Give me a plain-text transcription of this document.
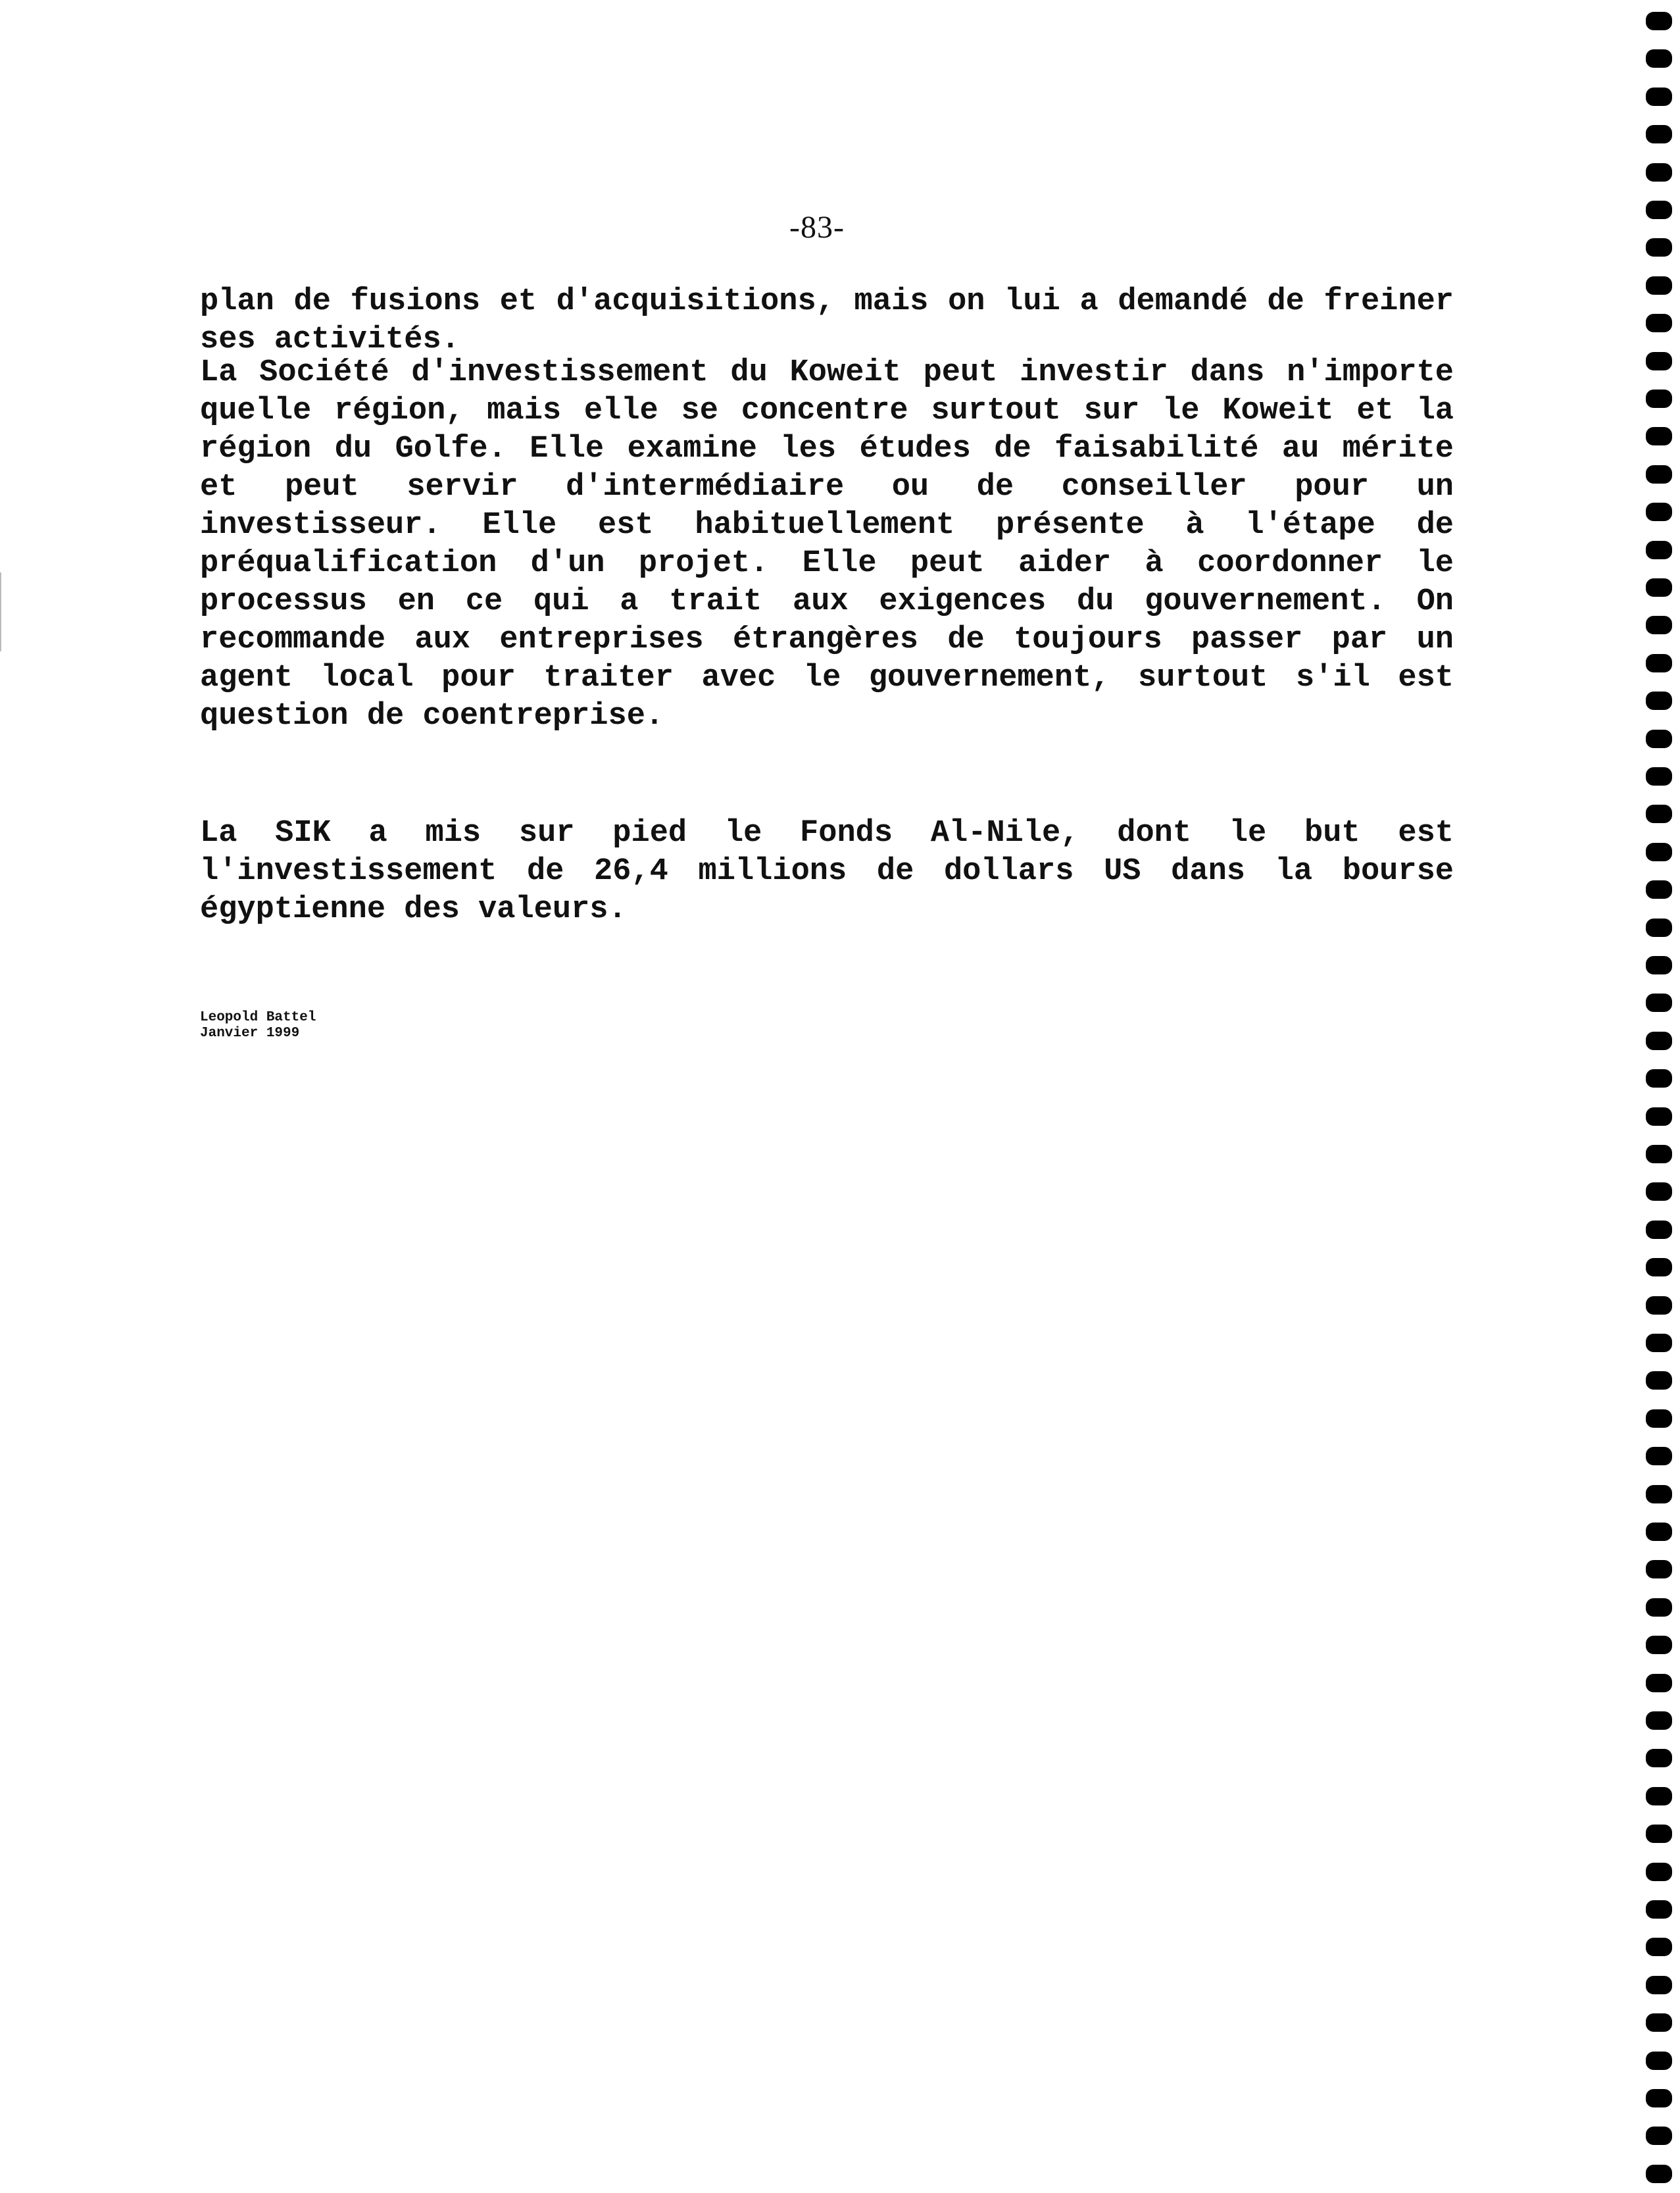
-83-

plan de fusions et d'acquisitions, mais on lui a demandé de freiner ses activités.

La Société d'investissement du Koweit peut investir dans n'importe quelle région, mais elle se concentre surtout sur le Koweit et la région du Golfe. Elle examine les études de faisabilité au mérite et peut servir d'intermédiaire ou de conseiller pour un investisseur. Elle est habituellement présente à l'étape de préqualification d'un projet. Elle peut aider à coordonner le processus en ce qui a trait aux exigences du gouvernement. On recommande aux entreprises étrangères de toujours passer par un agent local pour traiter avec le gouvernement, surtout s'il est question de coentreprise.

La SIK a mis sur pied le Fonds Al-Nile, dont le but est l'investissement de 26,4 millions de dollars US dans la bourse égyptienne des valeurs.

Leopold Battel
Janvier 1999
